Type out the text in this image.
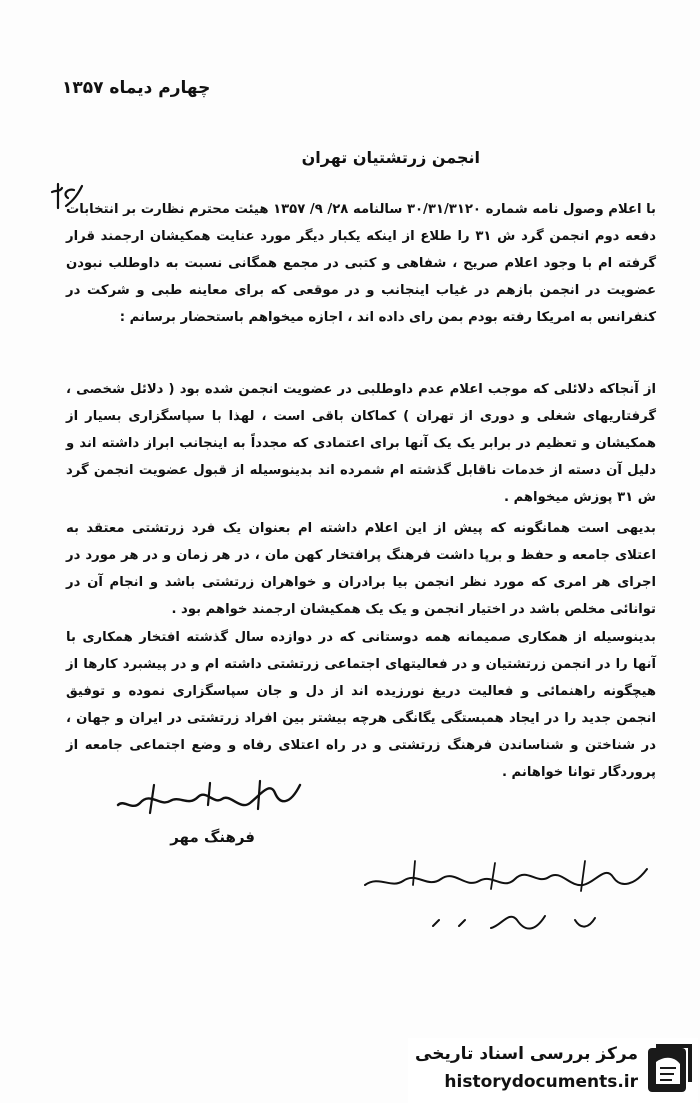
چهارم دیماه ۱۳۵۷
انجمن زرتشتیان تهران
با اعلام وصول نامه شماره ۳۰/۳۱/۳۱۲۰ سالنامه ۲۸/ ۹/ ۱۳۵۷ هیئت محترم نظارت بر انتخابات دفعه دوم انجمن گرد ش ۳۱ را طلاع از اینکه یکبار دیگر مورد عنایت همکیشان ارجمند قرار گرفته ام با وجود اعلام صریح ، شفاهی و کتبی در مجمع همگانی نسبت به داوطلب نبودن عضویت در انجمن بازهم در غیاب اینجانب و در موقعی که برای معاینه طبی و شرکت در کنفرانس به امریکا رفته بودم بمن رای داده اند ، اجازه میخواهم باستحضار برسانم :
از آنجاکه دلائلی که موجب اعلام عدم داوطلبی در عضویت انجمن شده بود ( دلائل شخصی ، گرفتاریهای شغلی و دوری از تهران ) کماکان باقی است ، لهذا با سپاسگزاری بسیار از همکیشان و تعظیم در برابر یک یک آنها برای اعتمادی که مجدداً به اینجانب ابراز داشته اند و دلیل آن دسته از خدمات ناقابل گذشته ام شمرده اند بدینوسیله از قبول عضویت انجمن گرد ش ۳۱ پوزش میخواهم .
بدیهی است همانگونه که پیش از این اعلام داشته ام بعنوان یک فرد زرتشتی معتقد به اعتلای جامعه و حفظ و برپا داشت فرهنگ پرافتخار کهن مان ، در هر زمان و در هر مورد در اجرای هر امری که مورد نظر انجمن بیا برادران و خواهران زرتشتی باشد و انجام آن در توانائی مخلص باشد در اختیار انجمن و یک یک همکیشان ارجمند خواهم بود .
بدینوسیله از همکاری صمیمانه همه دوستانی که در دوازده سال گذشته افتخار همکاری با آنها را در انجمن زرتشتیان و در فعالیتهای اجتماعی زرتشتی داشته ام و در پیشبرد کارها از هیچگونه راهنمائی و فعالیت دریغ نورزیده اند از دل و جان سپاسگزاری نموده و توفیق انجمن جدید را در ایجاد همبستگی یگانگی هرچه بیشتر بین افراد زرتشتی در ایران و جهان ، در شناختن و شناساندن فرهنگ زرتشتی و در راه اعتلای رفاه و وضع اجتماعی جامعه از پروردگار توانا خواهانم .
فرهنگ مهر
مرکز بررسی اسناد تاریخی
historydocuments.ir
